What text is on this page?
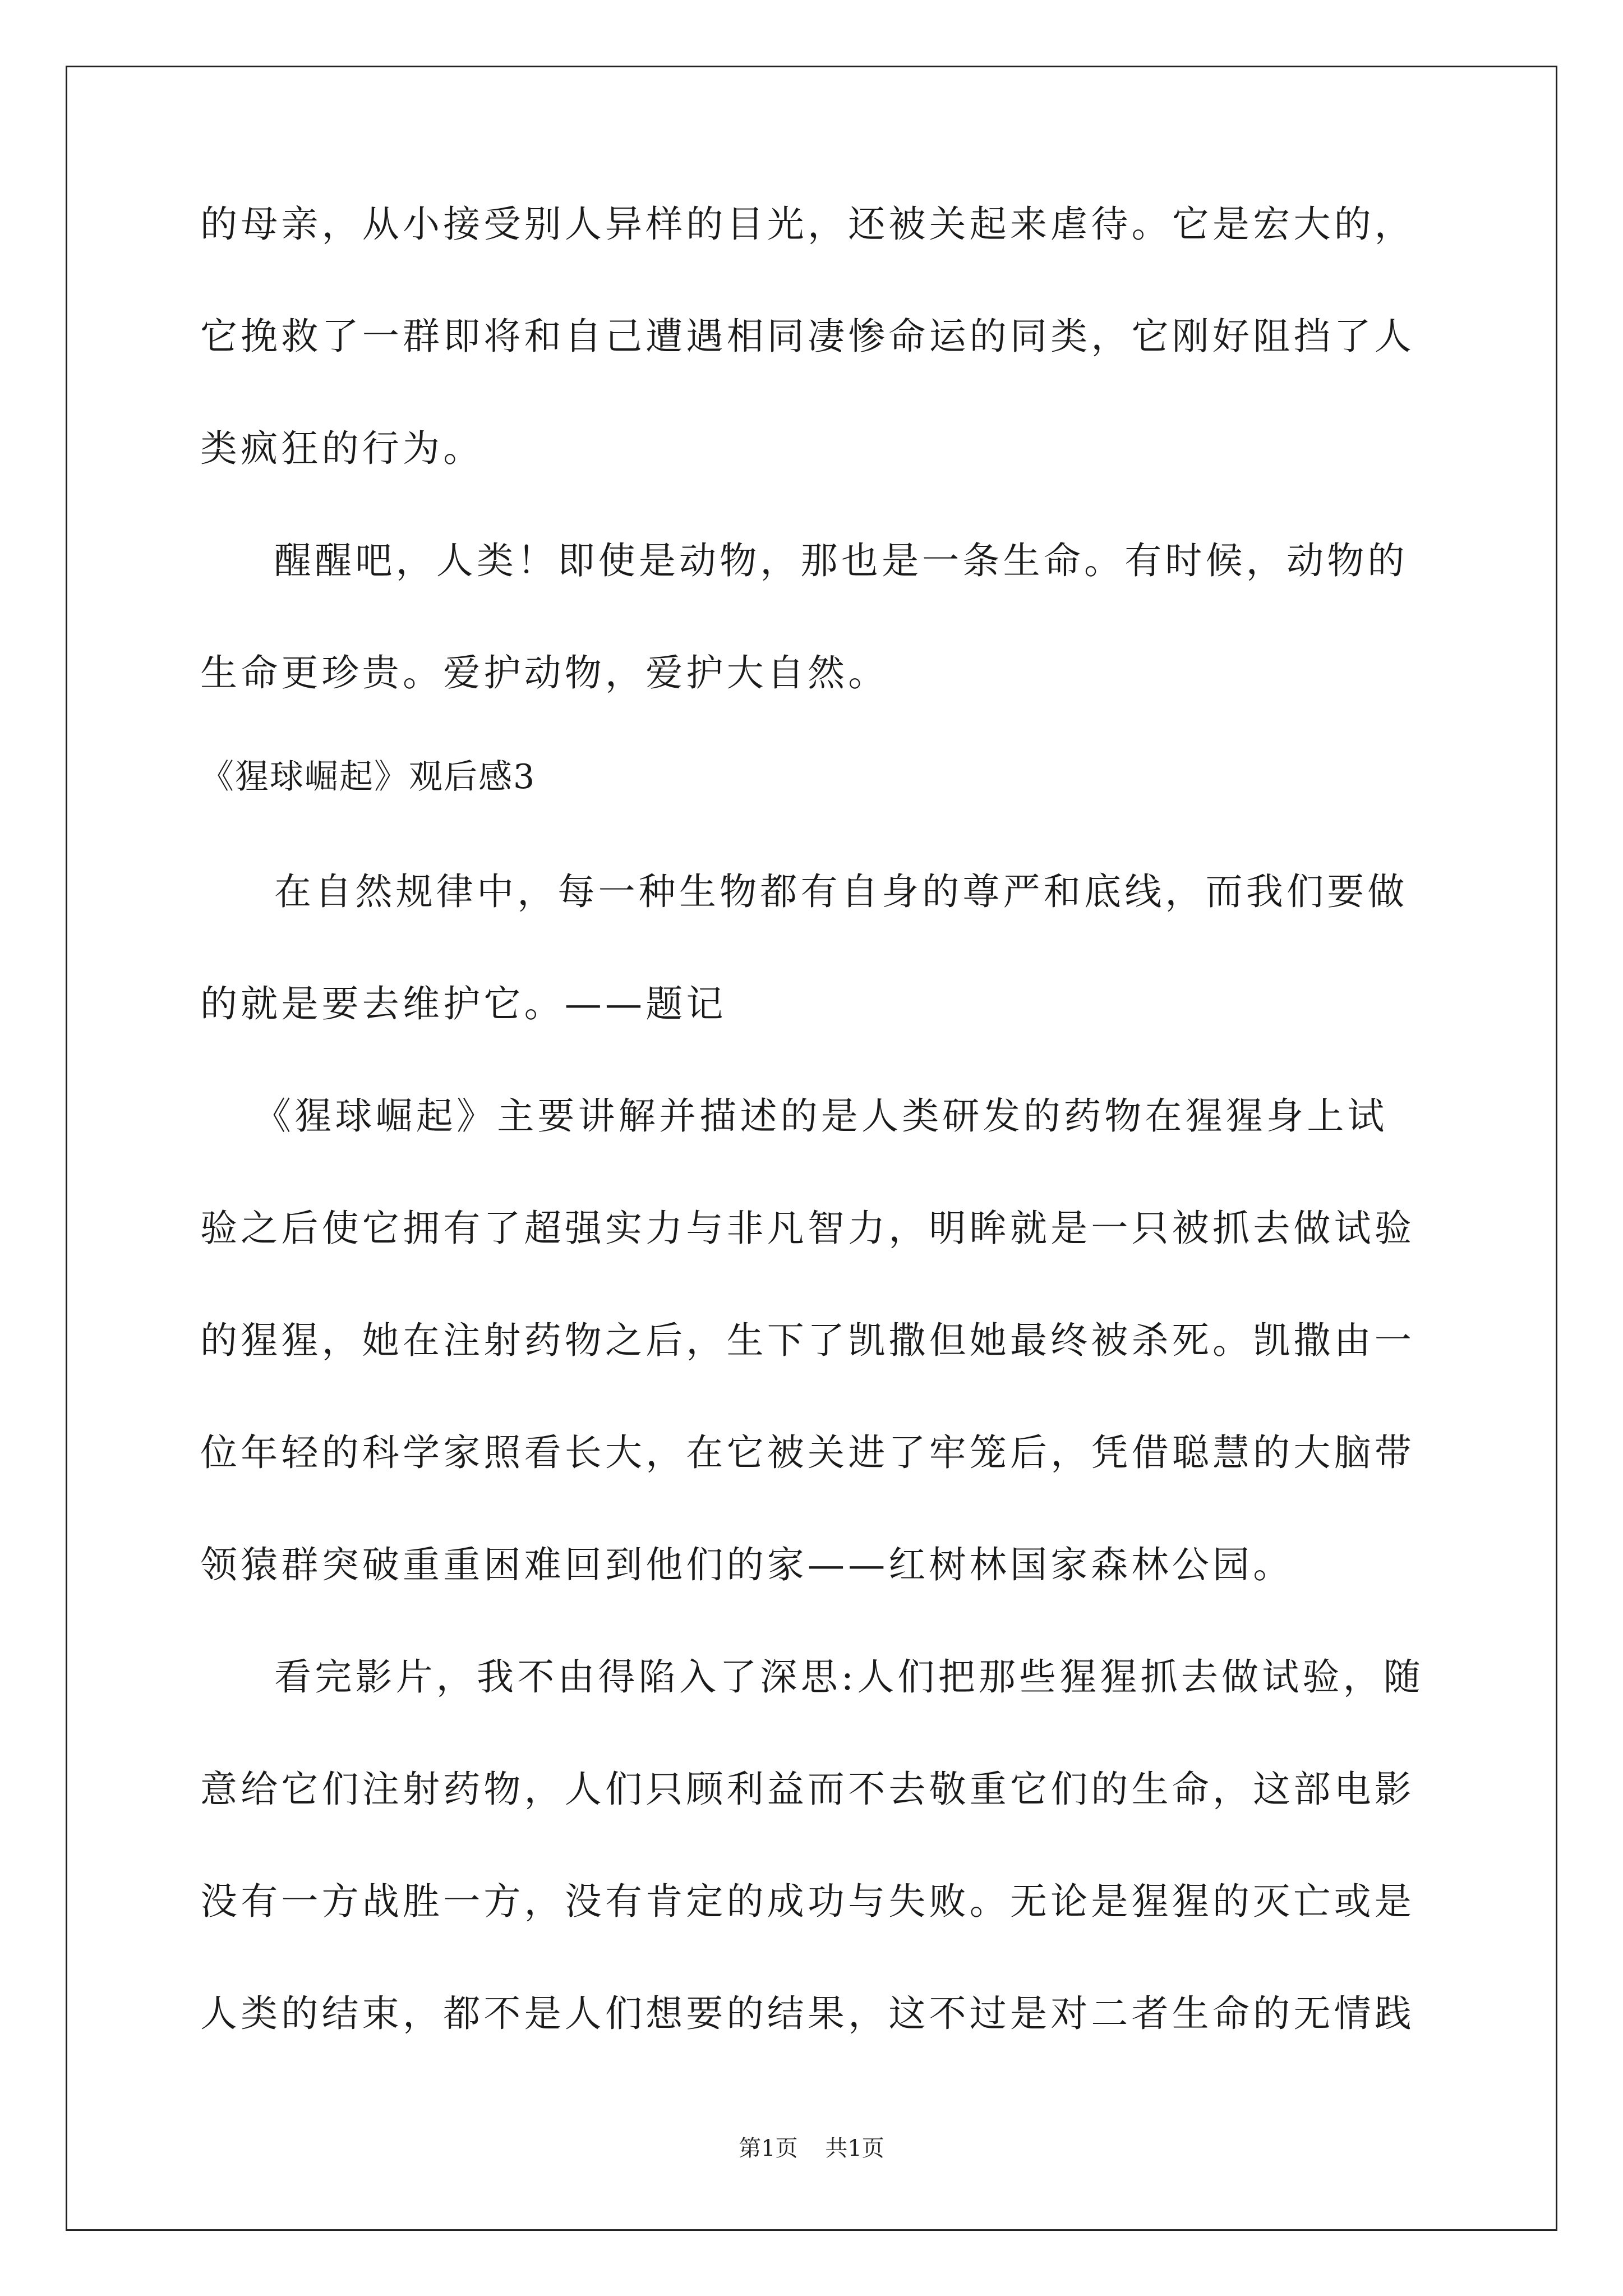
的母亲，从小接受别人异样的目光，还被关起来虐待。它是宏大的，
它挽救了一群即将和自己遭遇相同凄惨命运的同类，它刚好阻挡了人
类疯狂的行为。
醒醒吧，人类！即使是动物，那也是一条生命。有时候，动物的
生命更珍贵。爱护动物，爱护大自然。
《猩球崛起》观后感3
在自然规律中，每一种生物都有自身的尊严和底线，而我们要做
的就是要去维护它。——题记
《猩球崛起》主要讲解并描述的是人类研发的药物在猩猩身上试
验之后使它拥有了超强实力与非凡智力，明眸就是一只被抓去做试验
的猩猩，她在注射药物之后，生下了凯撒但她最终被杀死。凯撒由一
位年轻的科学家照看长大，在它被关进了牢笼后，凭借聪慧的大脑带
领猿群突破重重困难回到他们的家——红树林国家森林公园。
看完影片，我不由得陷入了深思:人们把那些猩猩抓去做试验，随
意给它们注射药物，人们只顾利益而不去敬重它们的生命，这部电影
没有一方战胜一方，没有肯定的成功与失败。无论是猩猩的灭亡或是
人类的结束，都不是人们想要的结果，这不过是对二者生命的无情践
第1页 共1页
